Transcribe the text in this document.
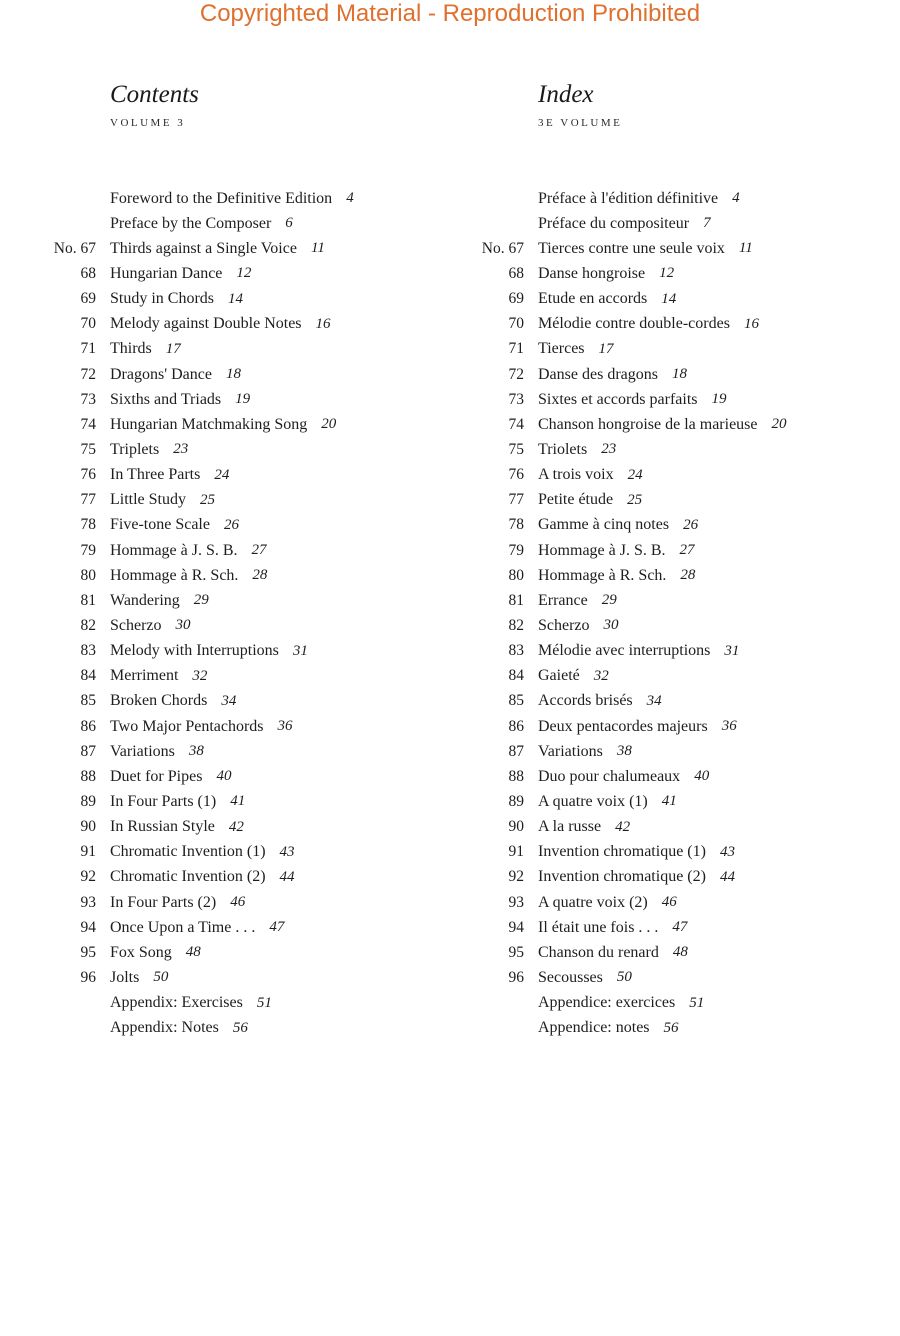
Copyrighted Material - Reproduction Prohibited
Contents
VOLUME 3
Foreword to the Definitive Edition 4
Preface by the Composer 6
No. 67 Thirds against a Single Voice 11
68 Hungarian Dance 12
69 Study in Chords 14
70 Melody against Double Notes 16
71 Thirds 17
72 Dragons' Dance 18
73 Sixths and Triads 19
74 Hungarian Matchmaking Song 20
75 Triplets 23
76 In Three Parts 24
77 Little Study 25
78 Five-tone Scale 26
79 Hommage à J. S. B. 27
80 Hommage à R. Sch. 28
81 Wandering 29
82 Scherzo 30
83 Melody with Interruptions 31
84 Merriment 32
85 Broken Chords 34
86 Two Major Pentachords 36
87 Variations 38
88 Duet for Pipes 40
89 In Four Parts (1) 41
90 In Russian Style 42
91 Chromatic Invention (1) 43
92 Chromatic Invention (2) 44
93 In Four Parts (2) 46
94 Once Upon a Time . . . 47
95 Fox Song 48
96 Jolts 50
Appendix: Exercises 51
Appendix: Notes 56
Index
3E VOLUME
Préface à l'édition définitive 4
Préface du compositeur 7
No. 67 Tierces contre une seule voix 11
68 Danse hongroise 12
69 Etude en accords 14
70 Mélodie contre double-cordes 16
71 Tierces 17
72 Danse des dragons 18
73 Sixtes et accords parfaits 19
74 Chanson hongroise de la marieuse 20
75 Triolets 23
76 A trois voix 24
77 Petite étude 25
78 Gamme à cinq notes 26
79 Hommage à J. S. B. 27
80 Hommage à R. Sch. 28
81 Errance 29
82 Scherzo 30
83 Mélodie avec interruptions 31
84 Gaieté 32
85 Accords brisés 34
86 Deux pentacordes majeurs 36
87 Variations 38
88 Duo pour chalumeaux 40
89 A quatre voix (1) 41
90 A la russe 42
91 Invention chromatique (1) 43
92 Invention chromatique (2) 44
93 A quatre voix (2) 46
94 Il était une fois . . . 47
95 Chanson du renard 48
96 Secousses 50
Appendice: exercices 51
Appendice: notes 56
